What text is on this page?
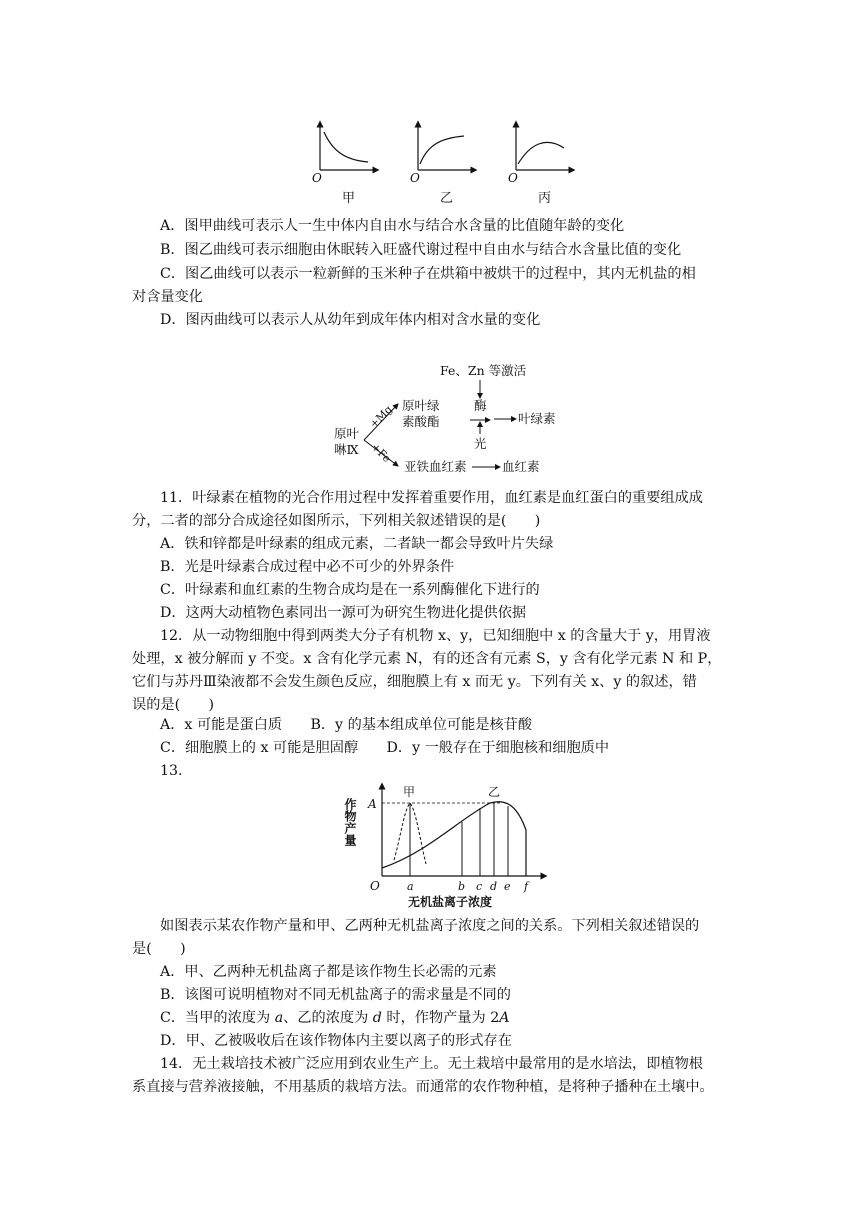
O
甲
O
乙
O
丙
A．图甲曲线可表示人一生中体内自由水与结合水含量的比值随年龄的变化
B．图乙曲线可表示细胞由休眠转入旺盛代谢过程中自由水与结合水含量比值的变化
C．图乙曲线可以表示一粒新鲜的玉米种子在烘箱中被烘干的过程中，其内无机盐的相
对含量变化
D．图丙曲线可以表示人从幼年到成年体内相对含水量的变化
Fe、Zn 等激活
原叶
啉Ⅸ
+Mg
+Fe
原叶绿
素酸酯
酶
光
叶绿素
亚铁血红素	血红素
11．叶绿素在植物的光合作用过程中发挥着重要作用，血红素是血红蛋白的重要组成成
分，二者的部分合成途径如图所示，下列相关叙述错误的是(　　)
A．铁和锌都是叶绿素的组成元素，二者缺一都会导致叶片失绿
B．光是叶绿素合成过程中必不可少的外界条件
C．叶绿素和血红素的生物合成均是在一系列酶催化下进行的
D．这两大动植物色素同出一源可为研究生物进化提供依据
12．从一动物细胞中得到两类大分子有机物 x、y，已知细胞中 x 的含量大于 y，用胃液
处理，x 被分解而 y 不变。x 含有化学元素 N，有的还含有元素 S，y 含有化学元素 N 和 P，
它们与苏丹Ⅲ染液都不会发生颜色反应，细胞膜上有 x 而无 y。下列有关 x、y 的叙述，错
误的是(　　)
A．x 可能是蛋白质　　B．y 的基本组成单位可能是核苷酸
C．细胞膜上的 x 可能是胆固醇　　D．y 一般存在于细胞核和细胞质中
13.
作物产量 A
甲	乙
O a	b c d e f
无机盐离子浓度
如图表示某农作物产量和甲、乙两种无机盐离子浓度之间的关系。下列相关叙述错误的
是(　　)
A．甲、乙两种无机盐离子都是该作物生长必需的元素
B．该图可说明植物对不同无机盐离子的需求量是不同的
C．当甲的浓度为 a、乙的浓度为 d 时，作物产量为 2A
D．甲、乙被吸收后在该作物体内主要以离子的形式存在
14．无土栽培技术被广泛应用到农业生产上。无土栽培中最常用的是水培法，即植物根
系直接与营养液接触，不用基质的栽培方法。而通常的农作物种植，是将种子播种在土壤中。
